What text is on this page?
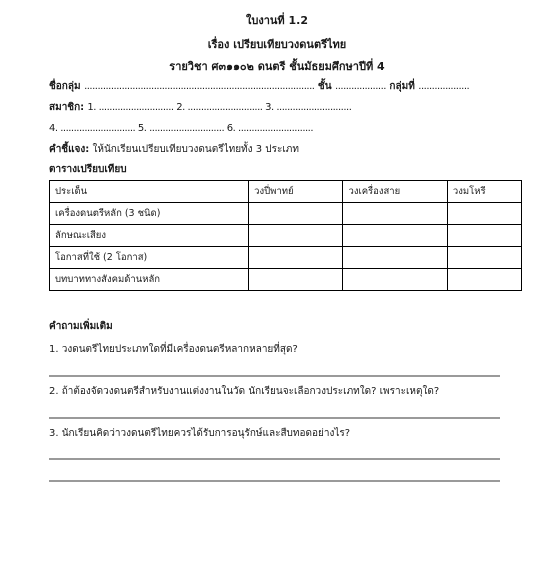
ใบงานที่ 1.2
เรื่อง เปรียบเทียบวงดนตรีไทย
รายวิชา ศ๓๑๑๐๒ ดนตรี ชั้นมัธยมศึกษาปีที่ 4
ชื่อกลุ่ม ...................................................................................... ชั้น ................... กลุ่มที่ ...................
สมาชิก: 1. ............................ 2. ............................ 3. ............................
4. ............................ 5. ............................ 6. ............................
คำชี้แจง: ให้นักเรียนเปรียบเทียบวงดนตรีไทยทั้ง 3 ประเภท
ตารางเปรียบเทียบ
ประเด็น	วงปี่พาทย์	วงเครื่องสาย	วงมโหรี
เครื่องดนตรีหลัก (3 ชนิด)			
ลักษณะเสียง			
โอกาสที่ใช้ (2 โอกาส)			
บทบาททางสังคมด้านหลัก			
คำถามเพิ่มเติม
1. วงดนตรีไทยประเภทใดที่มีเครื่องดนตรีหลากหลายที่สุด?
2. ถ้าต้องจัดวงดนตรีสำหรับงานแต่งงานในวัด นักเรียนจะเลือกวงประเภทใด? เพราะเหตุใด?
3. นักเรียนคิดว่าวงดนตรีไทยควรได้รับการอนุรักษ์และสืบทอดอย่างไร?
